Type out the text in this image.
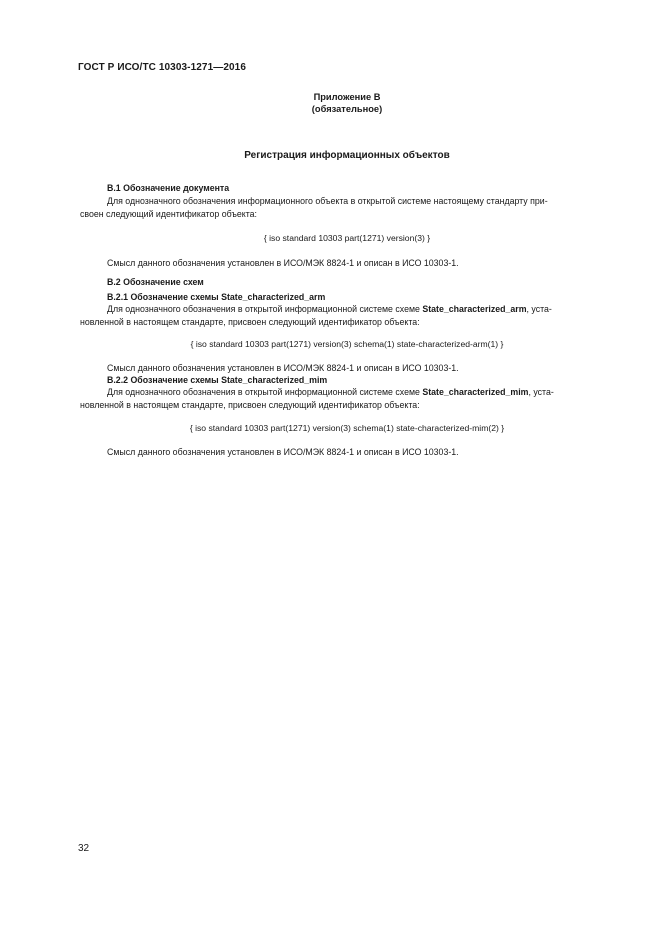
ГОСТ Р ИСО/ТС 10303-1271—2016
Приложение В
(обязательное)
Регистрация информационных объектов
В.1 Обозначение документа
Для однозначного обозначения информационного объекта в открытой системе настоящему стандарту при-
своен следующий идентификатор объекта:
{ iso standard 10303 part(1271) version(3) }
Смысл данного обозначения установлен в ИСО/МЭК 8824-1 и описан в ИСО 10303-1.
В.2 Обозначение схем
В.2.1 Обозначение схемы State_characterized_arm
Для однозначного обозначения в открытой информационной системе схеме State_characterized_arm, уста-
новленной в настоящем стандарте, присвоен следующий идентификатор объекта:
{ iso standard 10303 part(1271) version(3) schema(1) state-characterized-arm(1) }
Смысл данного обозначения установлен в ИСО/МЭК 8824-1 и описан в ИСО 10303-1.
В.2.2 Обозначение схемы State_characterized_mim
Для однозначного обозначения в открытой информационной системе схеме State_characterized_mim, уста-
новленной в настоящем стандарте, присвоен следующий идентификатор объекта:
{ iso standard 10303 part(1271) version(3) schema(1) state-characterized-mim(2) }
Смысл данного обозначения установлен в ИСО/МЭК 8824-1 и описан в ИСО 10303-1.
32
